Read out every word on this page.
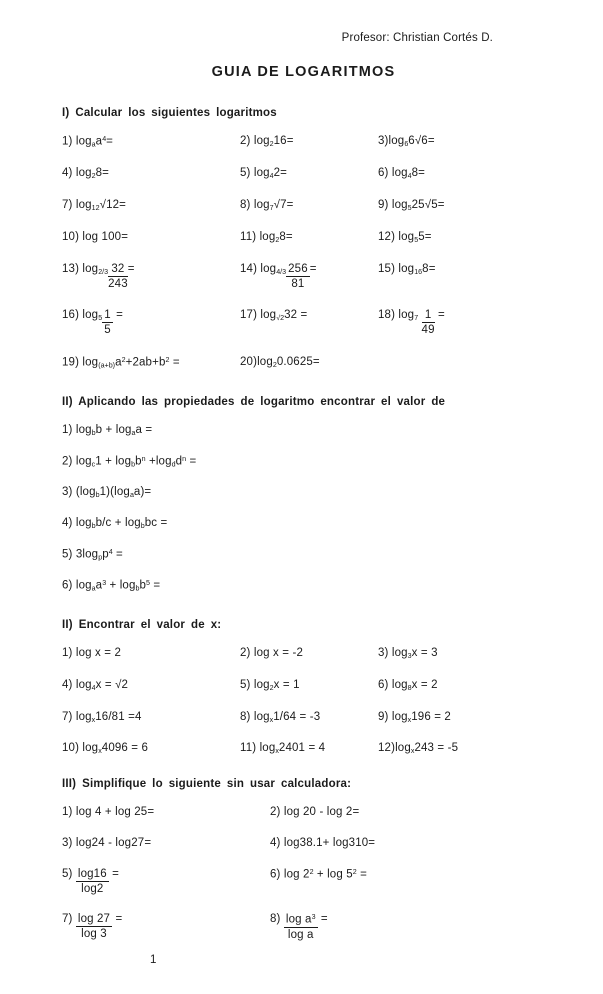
Profesor: Christian Cortés D.
GUIA DE LOGARITMOS
I) Calcular los siguientes logaritmos
1) $\log_aa^4=$	2) $\log_216=$	$3)\log_66√6=$
4) $\log_28=$	5) $\log_42=$	6) $\log_48=$
7) $\log_{12}√12=$	8) $\log_7√7=$	9) $\log_525√5=$
10) log 100=	11) $\log_28=$	12) $\log_55=$
13) $\log_{2/3} \frac{32}{243}$ =	14) $\log_{4/3} \frac{256}{81}$ =	15) $\log_{16}8=$
16) $\log_5 \frac{1}{5}$ =	17) $\log_{√2}32$ =	18) $\log_7 \frac{1}{49}$ =
19) $\log_{(a+b)}a^2+2ab+b^2$ =	$20)\log_20.0625=$
II) Aplicando las propiedades de logaritmo encontrar el valor de
1) $\log_bb + \log_aa$ =
2) $\log_c1 + \log_bb^n +\log_dd^n$ =
3) $(\log_b1)(\log_aa)=$
4) $\log_bb/c + \log_bbc$ =
5) $3\log_pp^4$ =
6) $\log_aa^3 + \log_bb^5$ =
II) Encontrar el valor de x:
1) log x = 2	2) log x = -2	3) $\log_3x = 3$
4) $\log_4x = √2$	5) $\log_2x = 1$	6) $\log_8x = 2$
7) $\log_x16/81 =4$	8) $\log_x1/64 = -3$	9) $\log_x196 = 2$
10) $\log_x4096 = 6$	11) $\log_x2401 = 4$	$12)\log_x243 = -5$
III) Simplifique lo siguiente sin usar calculadora:
1) log 4 + log 25=	2) log 20 - log 2=
3) log24 - log27=	4) log38.1+ log310=
$5) \frac{\log 16}{\log 2}$ =	6) $\log 2^2 + \log 5^2$ =
$7) \frac{\log 27}{\log 3}$ =	$8) \frac{\log a^3}{\text{log a}}$ =
1
